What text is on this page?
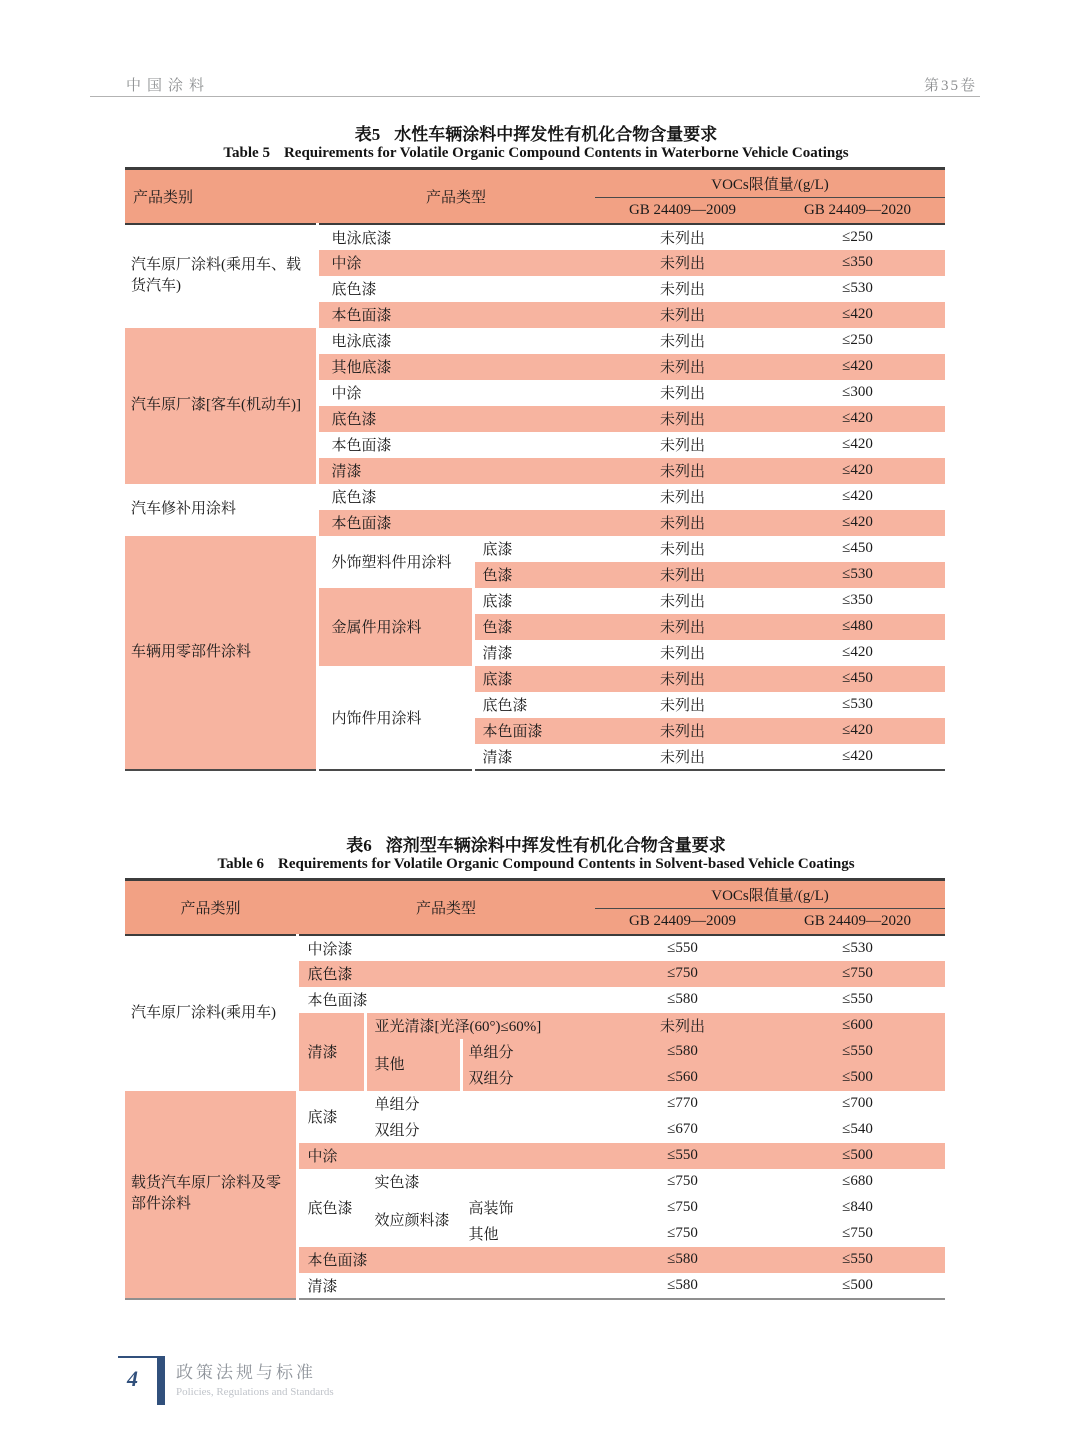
中国涂料	第35卷
表5 水性车辆涂料中挥发性有机化合物含量要求
Table 5 Requirements for Volatile Organic Compound Contents in Waterborne Vehicle Coatings
产品类别	产品类型		VOCs限值量/(g/L)	
			GB 24409—2009	GB 24409—2020
汽车原厂涂料(乘用车、载货汽车)	电泳底漆		未列出	≤250
	中涂		未列出	≤350
	底色漆		未列出	≤530
	本色面漆		未列出	≤420
汽车原厂漆[客车(机动车)]	电泳底漆		未列出	≤250
	其他底漆		未列出	≤420
	中涂		未列出	≤300
	底色漆		未列出	≤420
	本色面漆		未列出	≤420
	清漆		未列出	≤420
汽车修补用涂料	底色漆		未列出	≤420
	本色面漆		未列出	≤420
车辆用零部件涂料	外饰塑料件用涂料	底漆	未列出	≤450
		色漆	未列出	≤530
	金属件用涂料	底漆	未列出	≤350
		色漆	未列出	≤480
		清漆	未列出	≤420
	内饰件用涂料	底漆	未列出	≤450
		底色漆	未列出	≤530
		本色面漆	未列出	≤420
		清漆	未列出	≤420
表6 溶剂型车辆涂料中挥发性有机化合物含量要求
Table 6 Requirements for Volatile Organic Compound Contents in Solvent-based Vehicle Coatings
产品类别	产品类型			VOCs限值量/(g/L)	
				GB 24409—2009	GB 24409—2020
汽车原厂涂料(乘用车)	中涂漆			≤550	≤530
	底色漆			≤750	≤750
	本色面漆			≤580	≤550
	清漆	亚光清漆[光泽(60°)≤60%]		未列出	≤600
		其他	单组分	≤580	≤550
			双组分	≤560	≤500
载货汽车原厂涂料及零部件涂料	底漆	单组分		≤770	≤700
		双组分		≤670	≤540
	中涂			≤550	≤500
	底色漆	实色漆		≤750	≤680
		效应颜料漆	高装饰	≤750	≤840
			其他	≤750	≤750
	本色面漆			≤580	≤550
	清漆			≤580	≤500
4 政策法规与标准
Policies, Regulations and Standards
